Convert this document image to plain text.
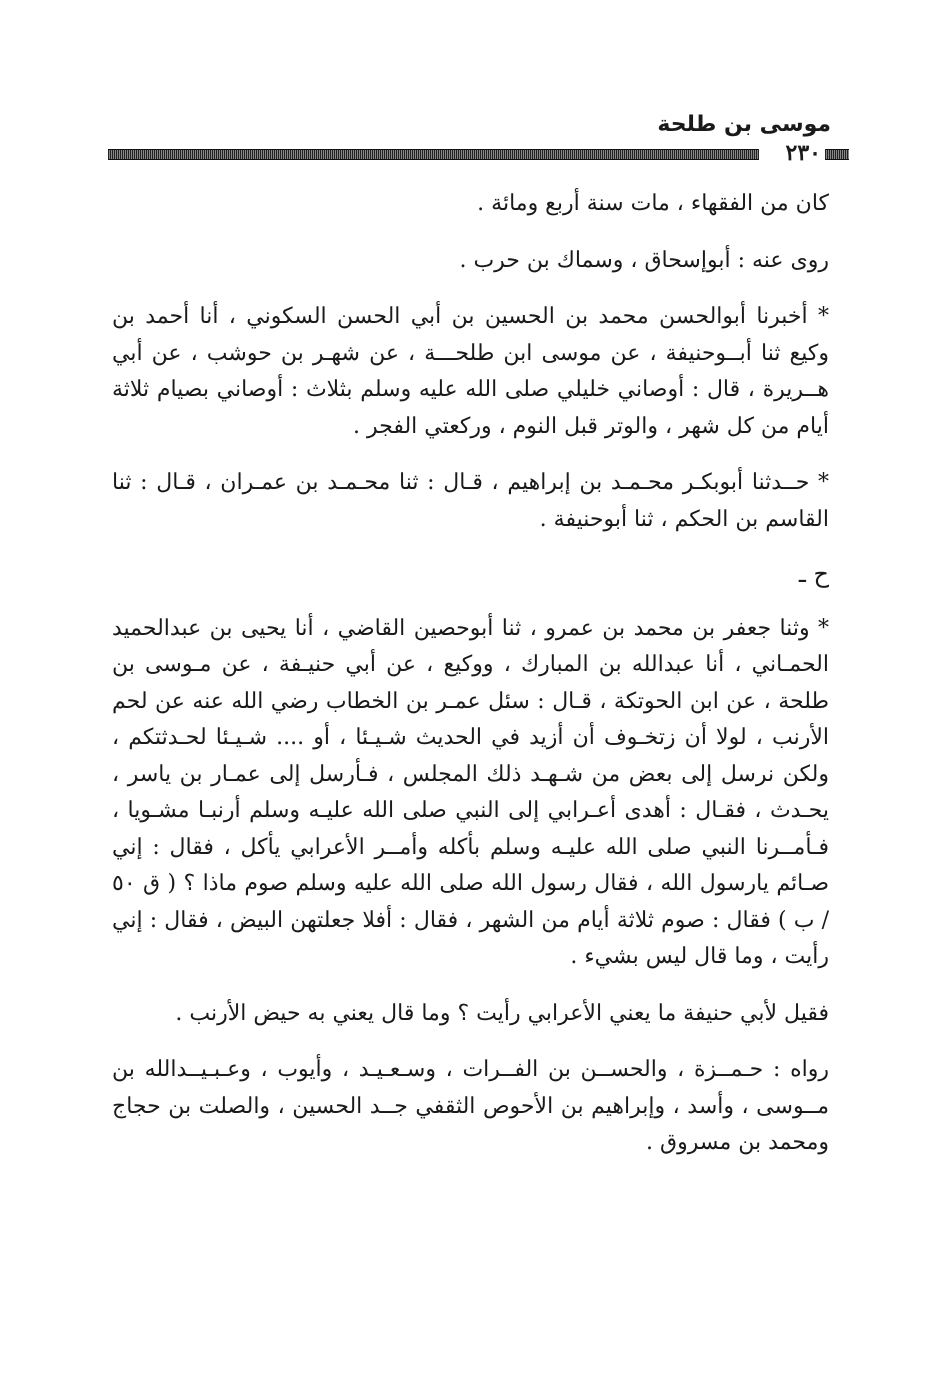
موسى بن طلحة
٢٣٠

كان من الفقهاء ، مات سنة أربع ومائة .

روى عنه : أبوإسحاق ، وسماك بن حرب .

* أخبرنا أبوالحسن محمد بن الحسين بن أبي الحسن السكوني ، أنا أحمد بن وكيع ثنا أبــوحنيفة ، عن موسى ابن طلحـــة ، عن شهـر بن حوشب ، عن أبي هــريرة ، قال : أوصاني خليلي صلى الله عليه وسلم بثلاث : أوصاني بصيام ثلاثة أيام من كل شهر ، والوتر قبل النوم ، وركعتي الفجر .

* حــدثنا أبوبكـر محـمـد بن إبراهيم ، قـال : ثنا محـمـد بن عمـران ، قـال : ثنا القاسم بن الحكم ، ثنا أبوحنيفة .

ح ـ

* وثنا جعفر بن محمد بن عمرو ، ثنا أبوحصين القاضي ، أنا يحيى بن عبدالحميد الحمـاني ، أنا عبدالله بن المبارك ، ووكيع ، عن أبي حنيـفة ، عن مـوسى بن طلحة ، عن ابن الحوتكة ، قـال : سئل عمـر بن الخطاب رضي الله عنه عن لحم الأرنب ، لولا أن زتخـوف أن أزيد في الحديث شـيـئا ، أو .... شـيـئا لحـدثتكم ، ولكن نرسل إلى بعض من شـهـد ذلك المجلس ، فـأرسل إلى عمـار بن ياسر ، يحـدث ، فقـال : أهدى أعـرابي إلى النبي صلى الله عليـه وسلم أرنبـا مشـويا ، فـأمــرنا النبي صلى الله عليـه وسلم بأكله وأمــر الأعرابي يأكل ، فقال : إني صـائم يارسول الله ، فقال رسول الله صلى الله عليه وسلم صوم ماذا ؟ ( ق ٥٠ / ب ) فقال : صوم ثلاثة أيام من الشهر ، فقال : أفلا جعلتهن البيض ، فقال : إني رأيت ، وما قال ليس بشيء .

فقيل لأبي حنيفة ما يعني الأعرابي رأيت ؟ وما قال يعني به حيض الأرنب .

رواه : حـمــزة ، والحســن بن الفــرات ، وسـعـيـد ، وأيوب ، وعـبـيــدالله بن مــوسى ، وأسد ، وإبراهيم بن الأحوص الثقفي جــد الحسين ، والصلت بن حجاج ومحمد بن مسروق .
